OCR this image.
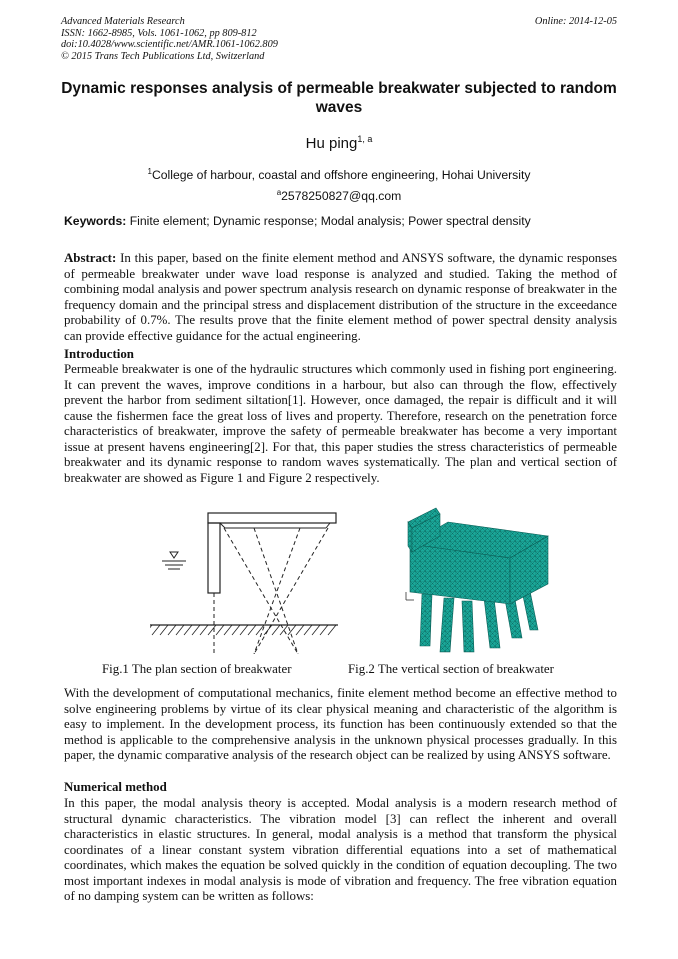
Advanced Materials Research
ISSN: 1662-8985, Vols. 1061-1062, pp 809-812
doi:10.4028/www.scientific.net/AMR.1061-1062.809
© 2015 Trans Tech Publications Ltd, Switzerland
Online: 2014-12-05
Dynamic responses analysis of permeable breakwater subjected to random waves
Hu ping$^{1, a}$
$^1$College of harbour, coastal and offshore engineering, Hohai University
$^a$2578250827@qq.com
Keywords: Finite element; Dynamic response; Modal analysis; Power spectral density
Abstract: In this paper, based on the finite element method and ANSYS software, the dynamic responses of permeable breakwater under wave load response is analyzed and studied. Taking the method of combining modal analysis and power spectrum analysis research on dynamic response of breakwater in the frequency domain and the principal stress and displacement distribution of the structure in the exceedance probability of 0.7%. The results prove that the finite element method of power spectral density analysis can provide effective guidance for the actual engineering.
Introduction
Permeable breakwater is one of the hydraulic structures which commonly used in fishing port engineering. It can prevent the waves, improve conditions in a harbour, but also can through the flow, effectively prevent the harbor from sediment siltation[1]. However, once damaged, the repair is difficult and it will cause the fishermen face the great loss of lives and property. Therefore, research on the penetration force characteristics of breakwater, improve the safety of permeable breakwater has become a very important issue at present havens engineering[2]. For that, this paper studies the stress characteristics of permeable breakwater and its dynamic response to random waves systematically. The plan and vertical section of breakwater are showed as Figure 1 and Figure 2 respectively.
Fig.1 The plan section of breakwater	Fig.2 The vertical section of breakwater
With the development of computational mechanics, finite element method become an effective method to solve engineering problems by virtue of its clear physical meaning and characteristic of the algorithm is easy to implement. In the development process, its function has been continuously extended so that the method is applicable to the comprehensive analysis in the unknown physical processes gradually. In this paper, the dynamic comparative analysis of the research object can be realized by using ANSYS software.
Numerical method
In this paper, the modal analysis theory is accepted. Modal analysis is a modern research method of structural dynamic characteristics. The vibration model [3] can reflect the inherent and overall characteristics in elastic structures. In general, modal analysis is a method that transform the physical coordinates of a linear constant system vibration differential equations into a set of mathematical coordinates, which makes the equation be solved quickly in the condition of equation decoupling. The two most important indexes in modal analysis is mode of vibration and frequency. The free vibration equation of no damping system can be written as follows:
